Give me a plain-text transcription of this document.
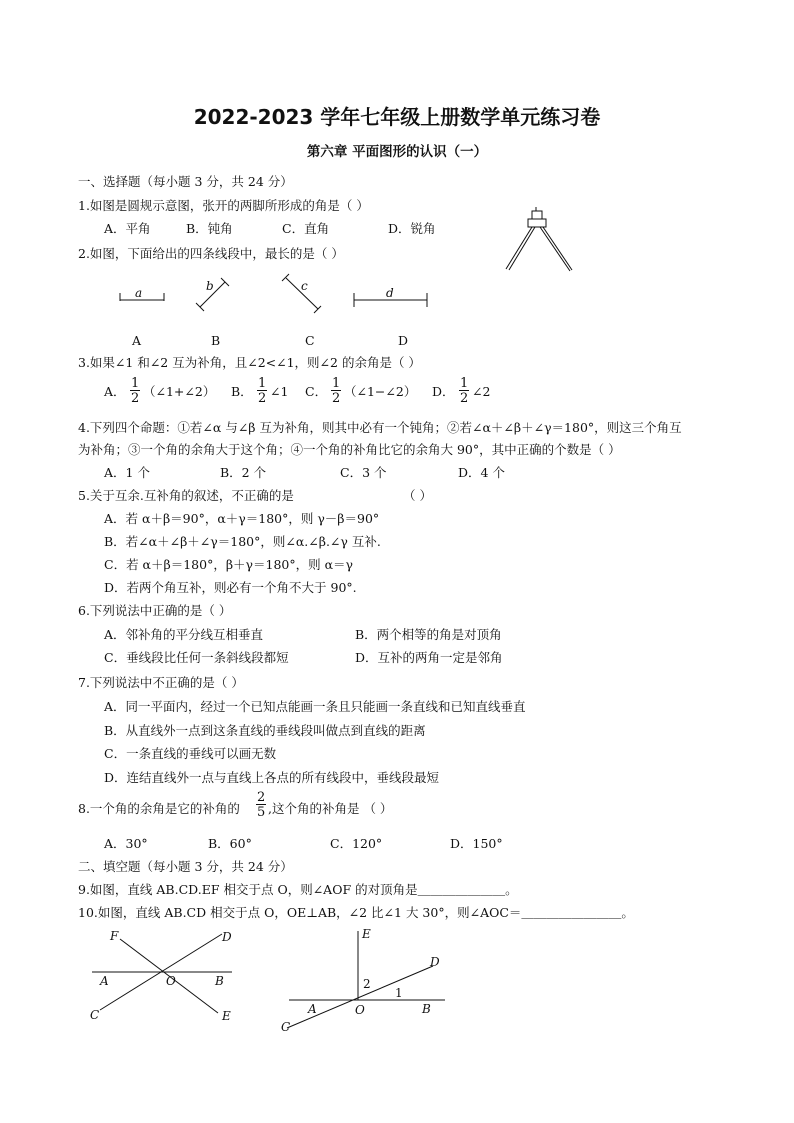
2022-2023 学年七年级上册数学单元练习卷
第六章 平面图形的认识（一）
一、选择题（每小题 3 分，共 24 分）
1.如图是圆规示意图，张开的两脚所形成的角是（ ）
A．平角	B．钝角	C．直角	D．锐角
2.如图，下面给出的四条线段中，最长的是（ ）
a	b	c	d
A	B	C	D
3.如果∠1 和∠2 互为补角，且∠2<∠1，则∠2 的余角是（ ）
A． $\frac{1}{2}$ （∠1+∠2） B． $\frac{1}{2}$ ∠1 C． $\frac{1}{2}$ （∠1−∠2） D． $\frac{1}{2}$ ∠2
4.下列四个命题：①若∠α 与∠β 互为补角，则其中必有一个钝角；②若∠α＋∠β＋∠γ＝180°，则这三个角互
为补角；③一个角的余角大于这个角；④一个角的补角比它的余角大 90°，其中正确的个数是（ ）
A．1 个	B．2 个	C．3 个	D．4 个
5.关于互余.互补角的叙述，不正确的是	（ ）
A．若 α＋β＝90°，α＋γ＝180°，则 γ－β＝90°
B．若∠α＋∠β＋∠γ＝180°，则∠α.∠β.∠γ 互补.
C．若 α＋β＝180°，β＋γ＝180°，则 α＝γ
D．若两个角互补，则必有一个角不大于 90°.
6.下列说法中正确的是（ ）
A．邻补角的平分线互相垂直	B．两个相等的角是对顶角
C．垂线段比任何一条斜线段都短	D．互补的两角一定是邻角
7.下列说法中不正确的是（ ）
A．同一平面内，经过一个已知点能画一条且只能画一条直线和已知直线垂直
B．从直线外一点到这条直线的垂线段叫做点到直线的距离
C．一条直线的垂线可以画无数
D．连结直线外一点与直线上各点的所有线段中，垂线段最短
8.一个角的余角是它的补角的 $\frac{2}{5}$ ,这个角的补角是 （ ）
A．30°	B．60°	C．120°	D．150°
二、填空题（每小题 3 分，共 24 分）
9.如图，直线 AB.CD.EF 相交于点 O，则∠AOF 的对顶角是＿＿＿＿＿＿＿。
10.如图，直线 AB.CD 相交于点 O，OE⊥AB，∠2 比∠1 大 30°，则∠AOC＝＿＿＿＿＿＿＿＿。
F	D
A	O	B
C	E
E
D
2
1
A	O	B
C
